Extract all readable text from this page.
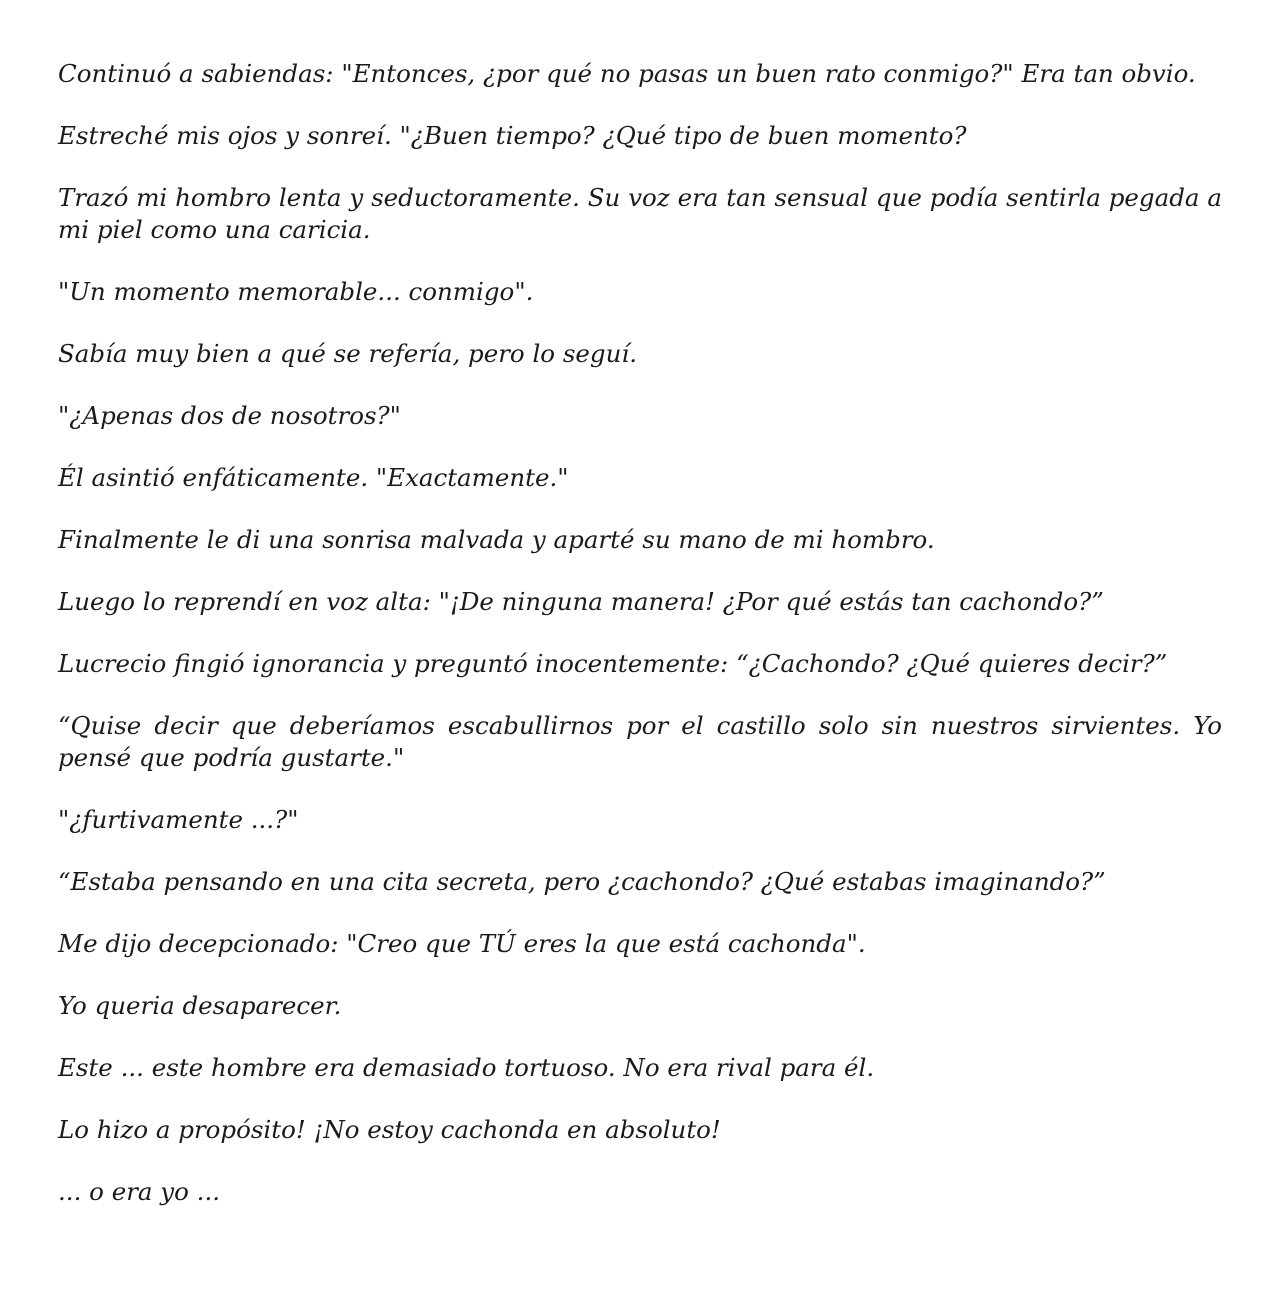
Continuó a sabiendas: "Entonces, ¿por qué no pasas un buen rato conmigo?" Era tan obvio.

Estreché mis ojos y sonreí. "¿Buen tiempo? ¿Qué tipo de buen momento?

Trazó mi hombro lenta y seductoramente. Su voz era tan sensual que podía sentirla pegada a mi piel como una caricia.

"Un momento memorable... conmigo".

Sabía muy bien a qué se refería, pero lo seguí.

"¿Apenas dos de nosotros?"

Él asintió enfáticamente. "Exactamente."

Finalmente le di una sonrisa malvada y aparté su mano de mi hombro.

Luego lo reprendí en voz alta: "¡De ninguna manera! ¿Por qué estás tan cachondo?”

Lucrecio fingió ignorancia y preguntó inocentemente: “¿Cachondo? ¿Qué quieres decir?”

“Quise decir que deberíamos escabullirnos por el castillo solo sin nuestros sirvientes. Yo pensé que podría gustarte."

"¿furtivamente ...?"

“Estaba pensando en una cita secreta, pero ¿cachondo? ¿Qué estabas imaginando?”

Me dijo decepcionado: "Creo que TÚ eres la que está cachonda".

Yo queria desaparecer.

Este ... este hombre era demasiado tortuoso. No era rival para él.

Lo hizo a propósito! ¡No estoy cachonda en absoluto!

... o era yo ...
